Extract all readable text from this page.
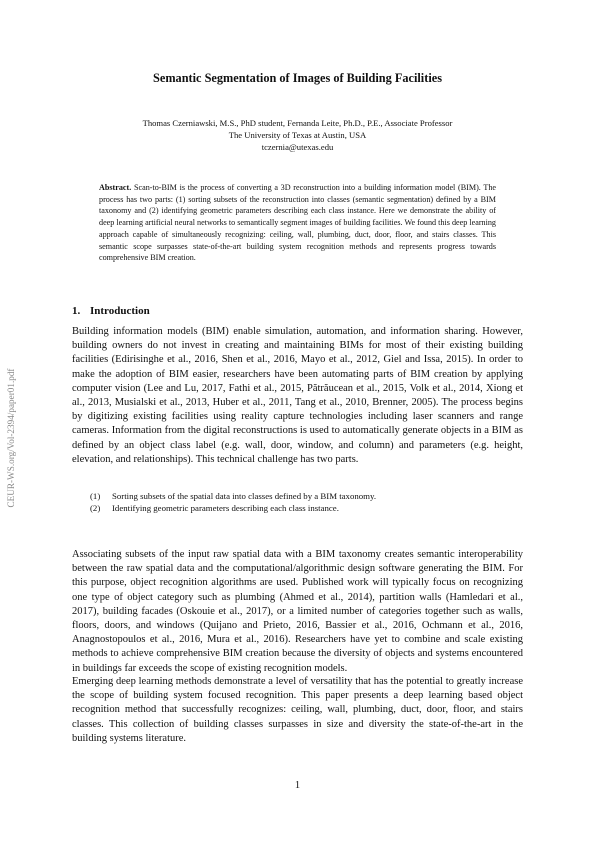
CEUR-WS.org/Vol-2394/paper01.pdf
Semantic Segmentation of Images of Building Facilities
Thomas Czerniawski, M.S., PhD student, Fernanda Leite, Ph.D., P.E., Associate Professor
The University of Texas at Austin, USA
tczernia@utexas.edu
Abstract. Scan-to-BIM is the process of converting a 3D reconstruction into a building information model (BIM). The process has two parts: (1) sorting subsets of the reconstruction into classes (semantic segmentation) defined by a BIM taxonomy and (2) identifying geometric parameters describing each class instance. Here we demonstrate the ability of deep learning artificial neural networks to semantically segment images of building facilities. We found this deep learning approach capable of simultaneously recognizing: ceiling, wall, plumbing, duct, door, floor, and stairs classes. This semantic scope surpasses state-of-the-art building system recognition methods and represents progress towards comprehensive BIM creation.
1. Introduction
Building information models (BIM) enable simulation, automation, and information sharing. However, building owners do not invest in creating and maintaining BIMs for most of their existing building facilities (Edirisinghe et al., 2016, Shen et al., 2016, Mayo et al., 2012, Giel and Issa, 2015). In order to make the adoption of BIM easier, researchers have been automating parts of BIM creation by applying computer vision (Lee and Lu, 2017, Fathi et al., 2015, Pătrăucean et al., 2015, Volk et al., 2014, Xiong et al., 2013, Musialski et al., 2013, Huber et al., 2011, Tang et al., 2010, Brenner, 2005). The process begins by digitizing existing facilities using reality capture technologies including laser scanners and range cameras. Information from the digital reconstructions is used to automatically generate objects in a BIM as defined by an object class label (e.g. wall, door, window, and column) and parameters (e.g. height, elevation, and relationships). This technical challenge has two parts.
(1)	Sorting subsets of the spatial data into classes defined by a BIM taxonomy.
(2)	Identifying geometric parameters describing each class instance.
Associating subsets of the input raw spatial data with a BIM taxonomy creates semantic interoperability between the raw spatial data and the computational/algorithmic design software generating the BIM. For this purpose, object recognition algorithms are used. Published work will typically focus on recognizing one type of object category such as plumbing (Ahmed et al., 2014), partition walls (Hamledari et al., 2017), building facades (Oskouie et al., 2017), or a limited number of categories together such as walls, floors, doors, and windows (Quijano and Prieto, 2016, Bassier et al., 2016, Ochmann et al., 2016, Anagnostopoulos et al., 2016, Mura et al., 2016). Researchers have yet to combine and scale existing methods to achieve comprehensive BIM creation because the diversity of objects and systems encountered in buildings far exceeds the scope of existing recognition models.
Emerging deep learning methods demonstrate a level of versatility that has the potential to greatly increase the scope of building system focused recognition. This paper presents a deep learning based object recognition method that successfully recognizes: ceiling, wall, plumbing, duct, door, floor, and stairs classes. This collection of building classes surpasses in size and diversity the state-of-the-art in the building systems literature.
1
